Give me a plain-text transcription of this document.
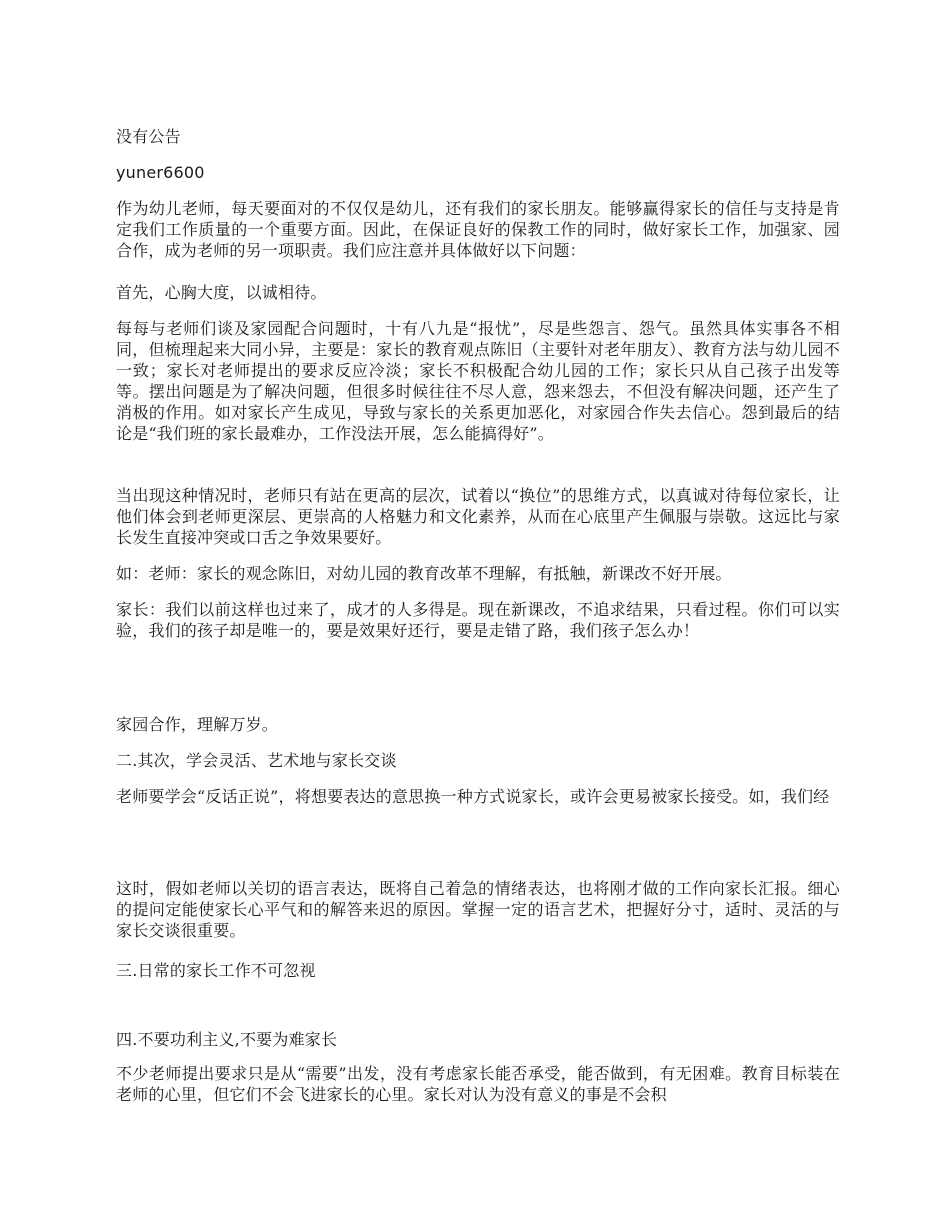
没有公告

yuner6600

作为幼儿老师，每天要面对的不仅仅是幼儿，还有我们的家长朋友。能够赢得家长的信任与支持是肯定我们工作质量的一个重要方面。因此，在保证良好的保教工作的同时，做好家长工作，加强家、园合作，成为老师的另一项职责。我们应注意并具体做好以下问题：

首先，心胸大度，以诚相待。

每每与老师们谈及家园配合问题时，十有八九是“报忧”，尽是些怨言、怨气。虽然具体实事各不相同，但梳理起来大同小异，主要是：家长的教育观点陈旧（主要针对老年朋友）、教育方法与幼儿园不一致；家长对老师提出的要求反应冷淡；家长不积极配合幼儿园的工作；家长只从自己孩子出发等等。摆出问题是为了解决问题，但很多时候往往不尽人意，怨来怨去，不但没有解决问题，还产生了消极的作用。如对家长产生成见，导致与家长的关系更加恶化，对家园合作失去信心。怨到最后的结论是“我们班的家长最难办，工作没法开展，怎么能搞得好”。

当出现这种情况时，老师只有站在更高的层次，试着以“换位”的思维方式，以真诚对待每位家长，让他们体会到老师更深层、更崇高的人格魅力和文化素养，从而在心底里产生佩服与崇敬。这远比与家长发生直接冲突或口舌之争效果要好。

如：老师：家长的观念陈旧，对幼儿园的教育改革不理解，有抵触，新课改不好开展。

家长：我们以前这样也过来了，成才的人多得是。现在新课改，不追求结果，只看过程。你们可以实验，我们的孩子却是唯一的，要是效果好还行，要是走错了路，我们孩子怎么办！

家园合作，理解万岁。

二.其次，学会灵活、艺术地与家长交谈

老师要学会“反话正说”，将想要表达的意思换一种方式说家长，或许会更易被家长接受。如，我们经

这时，假如老师以关切的语言表达，既将自己着急的情绪表达，也将刚才做的工作向家长汇报。细心的提问定能使家长心平气和的解答来迟的原因。掌握一定的语言艺术，把握好分寸，适时、灵活的与家长交谈很重要。

三.日常的家长工作不可忽视

四.不要功利主义,不要为难家长

不少老师提出要求只是从“需要”出发，没有考虑家长能否承受，能否做到，有无困难。教育目标装在老师的心里，但它们不会飞进家长的心里。家长对认为没有意义的事是不会积
